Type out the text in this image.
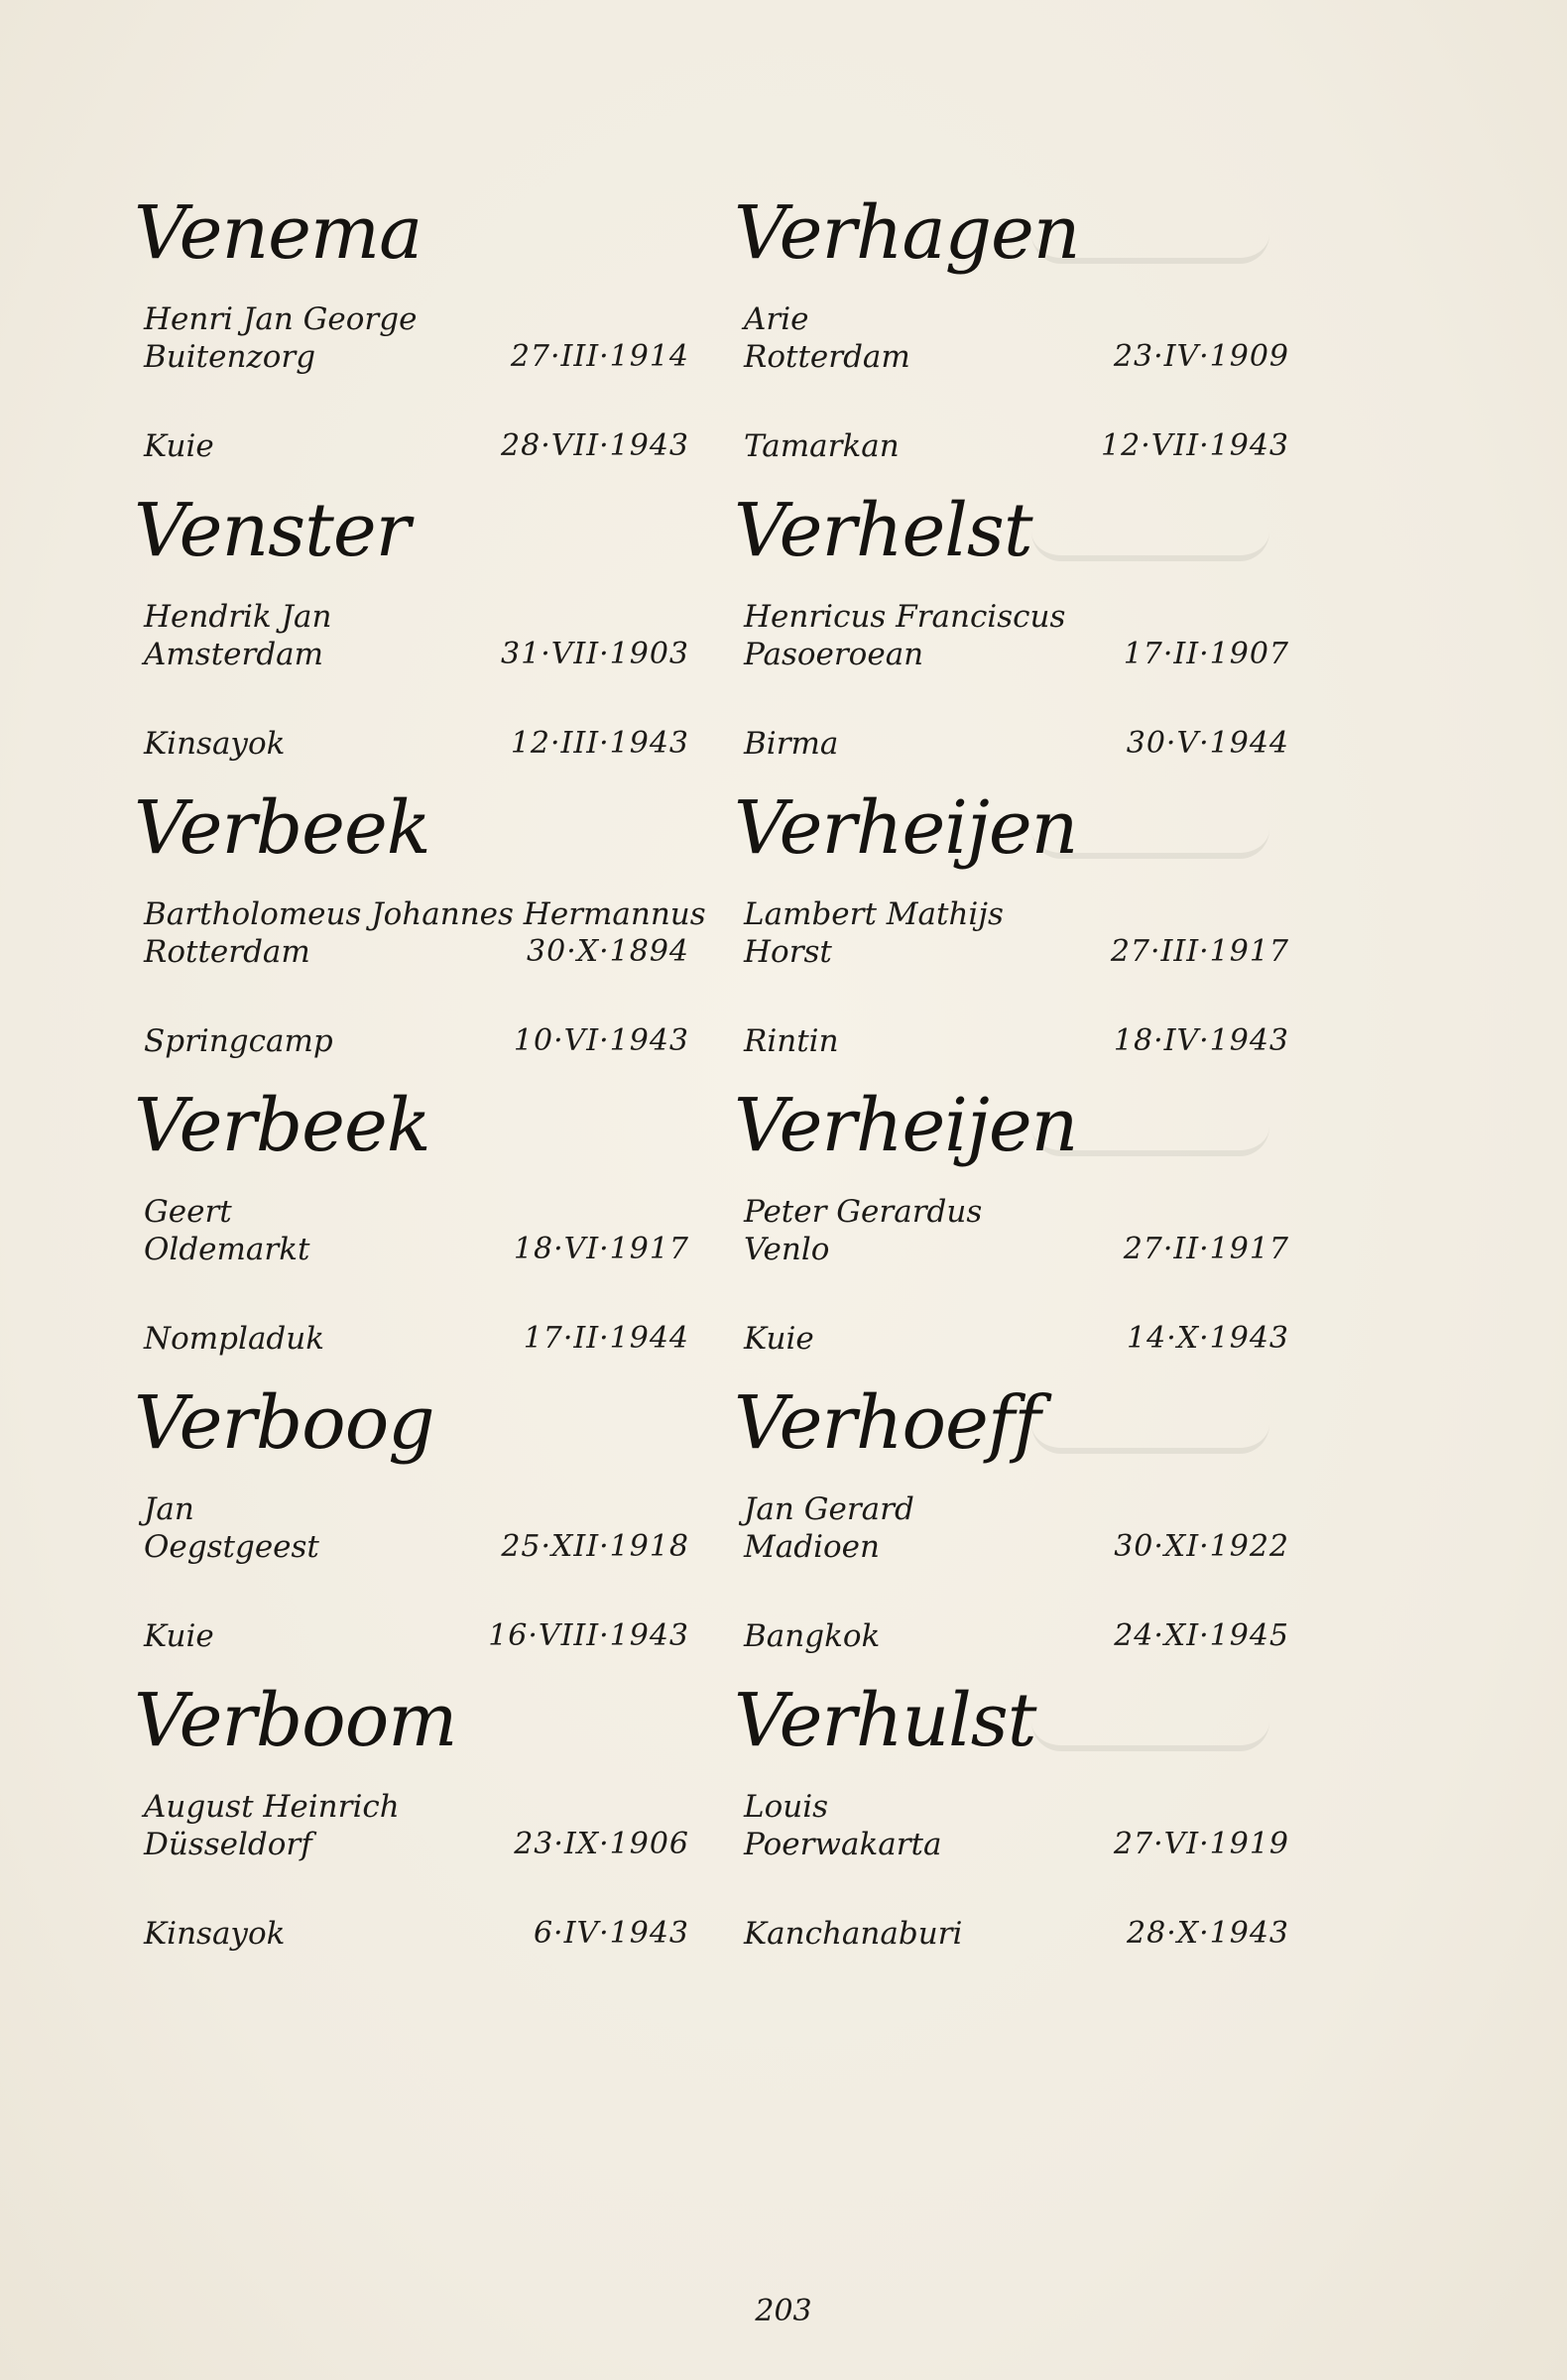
Venema
Henri Jan George
Buitenzorg	27·III·1914
Kuie	28·VII·1943
Venster
Hendrik Jan
Amsterdam	31·VII·1903
Kinsayok	12·III·1943
Verbeek
Bartholomeus Johannes Hermannus
Rotterdam	30·X·1894
Springcamp	10·VI·1943
Verbeek
Geert
Oldemarkt	18·VI·1917
Nompladuk	17·II·1944
Verboog
Jan
Oegstgeest	25·XII·1918
Kuie	16·VIII·1943
Verboom
August Heinrich
Düsseldorf	23·IX·1906
Kinsayok	6·IV·1943
Verhagen
Arie
Rotterdam	23·IV·1909
Tamarkan	12·VII·1943
Verhelst
Henricus Franciscus
Pasoeroean	17·II·1907
Birma	30·V·1944
Verheijen
Lambert Mathijs
Horst	27·III·1917
Rintin	18·IV·1943
Verheijen
Peter Gerardus
Venlo	27·II·1917
Kuie	14·X·1943
Verhoeff
Jan Gerard
Madioen	30·XI·1922
Bangkok	24·XI·1945
Verhulst
Louis
Poerwakarta	27·VI·1919
Kanchanaburi	28·X·1943
203
